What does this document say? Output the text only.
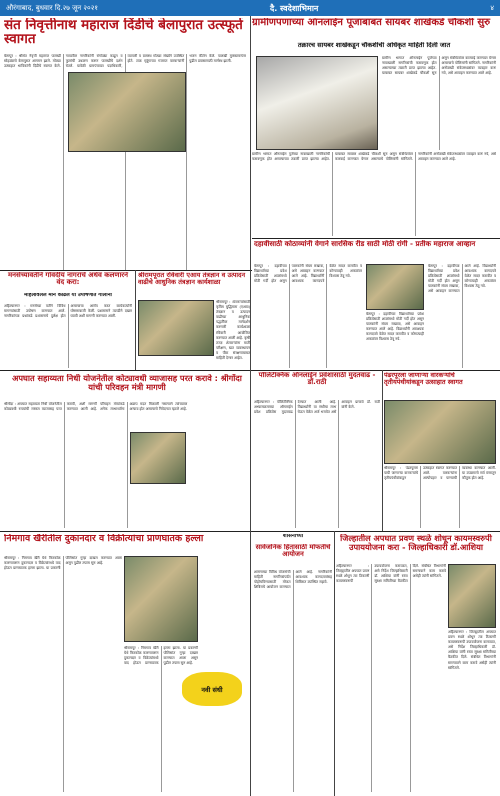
औरंगाबाद, बुधवार दि.२७ जून २०२१	दै. स्वदेशाभिमान	४
संत निवृत्तीनाथ महाराज दिंडीचे बेलापुरात उत्स्फूर्त स्वागत
बेलापुर : श्रीसंत नेवृत्ती महाराज पालखी सोहळ्याचे बेलापुरात आगमन झाले. मोठ्या उत्साहात भाविकांनी दिंडीचे स्वागत केले. गावातील नागरिकांनी रांगोळ्या काढून व फुलांची उधळण करून पालखीचे दर्शन घेतले. यावेळी ग्रामपंचायत पदाधिकारी, व्यापारी व ग्रामस्थ मोठ्या संख्येने उपस्थित होते. टाळ मृदुंगाच्या गजरात वारकऱ्यांनी भजन कीर्तन केले. पालखी मुक्कामानंतर पुढील प्रवासासाठी मार्गस्थ झाली.
ग्रामीणपणाच्या ऑनलाईन पूजाबाबत सायबर शाखेकडे चौकशी सुरु
तक्रारच सायबर शाखेकडून चौकशीची अधिकृत माहिती दिली जात
ग्रामीण भागात ऑनलाईन पूजेच्या नावाखाली नागरिकांची फसवणूक होत असल्याच्या तक्रारी प्राप्त झाल्या आहेत. याबाबत सायबर शाखेकडे चौकशी सुरु असून संबंधितांवर कारवाई करण्यात येणार असल्याचे पोलिसांनी सांगितले. नागरिकांनी अनोळखी संकेतस्थळांवर व्यवहार करू नये, असे आवाहन करण्यात आले आहे.
ग्रामीण भागात ऑनलाईन पूजेच्या नावाखाली नागरिकांची फसवणूक होत असल्याच्या तक्रारी प्राप्त झाल्या आहेत. याबाबत सायबर शाखेकडे चौकशी सुरु असून संबंधितांवर कारवाई करण्यात येणार असल्याचे पोलिसांनी सांगितले. नागरिकांनी अनोळखी संकेतस्थळांवर व्यवहार करू नये, असे आवाहन करण्यात आले आहे.
मनसेच्यावतीने गोवंदीय नागरांचे अर्धव कलणारने वंद करा:
महिलविलेल मोने काढले या उपोषणात गालीनी
अहिल्यानगर : मनसेच्या वतीने विविध मागण्यांसाठी उपोषण करण्यात आले. नागरिकांच्या प्रश्नांकडे प्रशासनाचे दुर्लक्ष होत असल्याचा आरोप करत कार्यकर्त्यांनी घोषणाबाजी केली. प्रशासनाने तातडीने दखल घ्यावी अशी मागणी करण्यात आली.
श्रीरामपूरात रविवारी एआय तंत्रज्ञान व उत्पादन वाढीचे आधुनिक तंत्रज्ञान कार्यशाळा
श्रीरामपूर : शेतकऱ्यांसाठी कृत्रिम बुद्धिमत्ता (एआय) तंत्रज्ञान व उत्पादन वाढीच्या आधुनिक पद्धतींवर मार्गदर्शन करणारी कार्यशाळा रविवारी आयोजित करण्यात आली आहे. कृषी तज्ज्ञ शेतकऱ्यांना माती परीक्षण, खत व्यवस्थापन व पीक संरक्षणाबाबत माहिती देणार आहेत.
दहावीसाठी कोठाव्यांनी वेगाने सारसिक रीड साठी मोठी रांगी - प्रतीक महाराज आव्हान
बेलापुर : दहावीच्या विद्यार्थ्यांच्या प्रवेश प्रक्रियेसाठी शाळांमध्ये मोठी गर्दी होत असून पालकांनी संयम राखावा, असे आवाहन करण्यात आले आहे. विद्यार्थ्यांनी आवश्यक कागदपत्रे वेळेत सादर करावीत व कोणत्याही अफवांवर विश्वास ठेवू नये.
बेलापुर : दहावीच्या विद्यार्थ्यांच्या प्रवेश प्रक्रियेसाठी शाळांमध्ये मोठी गर्दी होत असून पालकांनी संयम राखावा, असे आवाहन करण्यात आले आहे. विद्यार्थ्यांनी आवश्यक कागदपत्रे वेळेत सादर करावीत व कोणत्याही अफवांवर विश्वास ठेवू नये.
बेलापुर : दहावीच्या विद्यार्थ्यांच्या प्रवेश प्रक्रियेसाठी शाळांमध्ये मोठी गर्दी होत असून पालकांनी संयम राखावा, असे आवाहन करण्यात आले आहे. विद्यार्थ्यांनी आवश्यक कागदपत्रे वेळेत सादर करावीत व कोणत्याही अफवांवर विश्वास ठेवू नये.
अपघात सहाय्यता निधी योजनेतील कोट्यावधी व्याजासह परत करावे : श्रीगोंदा यांची परिवहन मंत्री मागणी
श्रीगोंदा : अपघात सहाय्यता निधी योजनेतील कोट्यवधी रुपयांची रक्कम व्याजासह परत करावी, अशी मागणी परिवहन मंत्र्यांकडे करण्यात आली आहे. अनेक लाभार्थ्यांना अद्याप मदत मिळाली नसल्याने त्यांच्यावर अन्याय होत असल्याचे निवेदनात म्हटले आहे.
पॉलिटेक्निक ऑनलाईन प्रवेशासाठी मुदतवाढ - डॉ.राठी
अहिल्यानगर : पॉलिटेक्निक अभ्यासक्रमाच्या ऑनलाईन प्रवेश प्रक्रियेस मुदतवाढ देण्यात आली आहे. विद्यार्थ्यांनी या संधीचा लाभ घेऊन वेळेत अर्ज भरावेत असे आवाहन प्राचार्य डॉ. राठी यांनी केले.
पंढरपूरला जाणाऱ्या वारकऱ्यांचे तृतीयपंथीयांकडून उत्साहात स्वागत
श्रीरामपूर : पंढरपूरला पायी जाणाऱ्या वारकऱ्यांचे तृतीयपंथीयांकडून उत्साहात स्वागत करण्यात आले. वारकऱ्यांना अल्पोपहार व पाण्याची व्यवस्था करण्यात आली. या उपक्रमाचे सर्व स्तरातून कौतुक होत आहे.
निमगाव खैरीतील दुकानदार व विक्रीत्यांचा प्राणघातक हल्ला
श्रीरामपूर : निमगाव खैरी येथे किरकोळ कारणावरून दुकानदार व विक्रेत्यांमध्ये वाद होऊन प्राणघातक हल्ला झाला. या प्रकरणी पोलिसांत गुन्हा दाखल करण्यात आला असून पुढील तपास सुरु आहे.
श्रीरामपूर : निमगाव खैरी येथे किरकोळ कारणावरून दुकानदार व विक्रेत्यांमध्ये वाद होऊन प्राणघातक हल्ला झाला. या प्रकरणी पोलिसांत गुन्हा दाखल करण्यात आला असून पुढील तपास सुरु आहे.
नवी संधी
शासनाच्या
सार्वजनिक हितासाठी मोफतीचे आयोजन
शासनाच्या विविध योजनांची माहिती नागरिकांपर्यंत पोहोचविण्यासाठी मोफत शिबिराचे आयोजन करण्यात आले आहे. नागरिकांनी आवश्यक कागदपत्रांसह शिबिरात उपस्थित राहावे.
जिल्हातील अपघात प्रवण स्थळे शोधून कायमस्वरुपी उपाययोजना करा - जिल्हाधिकारी डॉ.आशिया
अहिल्यानगर : जिल्ह्यातील अपघात प्रवण स्थळे शोधून त्या ठिकाणी कायमस्वरूपी उपाययोजना कराव्यात, असे निर्देश जिल्हाधिकारी डॉ. आशिया यांनी रस्ता सुरक्षा समितीच्या बैठकीत दिले. संबंधित विभागांनी समन्वयाने काम करावे असेही त्यांनी सांगितले.
अहिल्यानगर : जिल्ह्यातील अपघात प्रवण स्थळे शोधून त्या ठिकाणी कायमस्वरूपी उपाययोजना कराव्यात, असे निर्देश जिल्हाधिकारी डॉ. आशिया यांनी रस्ता सुरक्षा समितीच्या बैठकीत दिले. संबंधित विभागांनी समन्वयाने काम करावे असेही त्यांनी सांगितले.
